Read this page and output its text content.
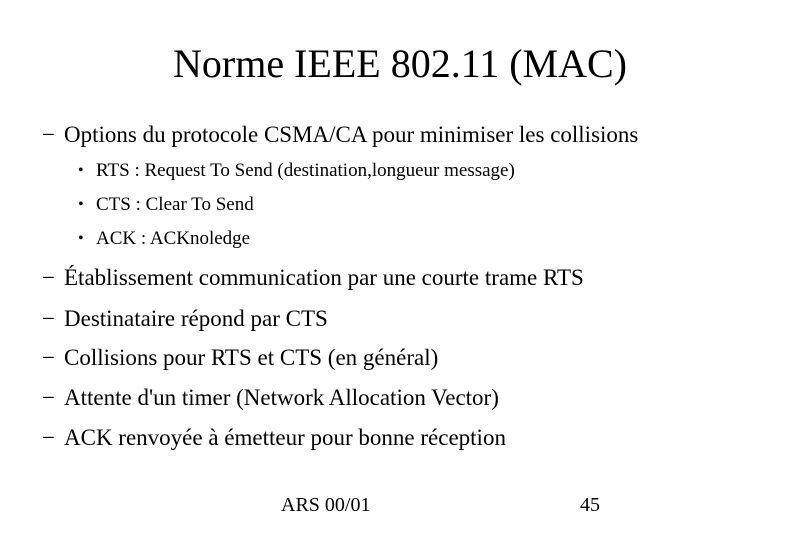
Norme IEEE 802.11 (MAC)
− Options du protocole CSMA/CA pour minimiser les collisions
• RTS : Request To Send (destination,longueur message)
• CTS : Clear To Send
• ACK : ACKnoledge
− Établissement communication par une courte trame RTS
− Destinataire répond par CTS
− Collisions pour RTS et CTS (en général)
− Attente d'un timer (Network Allocation Vector)
− ACK renvoyée à émetteur pour bonne réception
ARS 00/01	45
